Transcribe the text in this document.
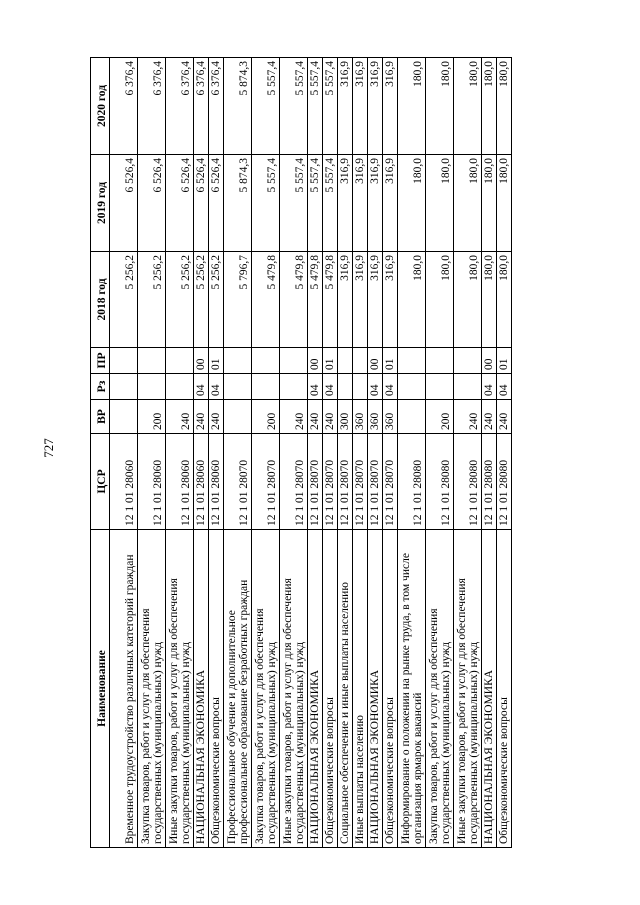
727
Наименование	ЦСР	ВР	Рз	ПР	2018 год	2019 год	2020 год
Временное трудоустройство различных категорий граждан	12 1 01 28060				5 256,2	6 526,4	6 376,4
Закупка товаров, работ и услуг для обеспечения государственных (муниципальных) нужд	12 1 01 28060	200			5 256,2	6 526,4	6 376,4
Иные закупки товаров, работ и услуг для обеспечения государственных (муниципальных) нужд	12 1 01 28060	240			5 256,2	6 526,4	6 376,4
НАЦИОНАЛЬНАЯ ЭКОНОМИКА	12 1 01 28060	240	04	00	5 256,2	6 526,4	6 376,4
Общеэкономические вопросы	12 1 01 28060	240	04	01	5 256,2	6 526,4	6 376,4
Профессиональное обучение и дополнительное профессиональное образование безработных граждан	12 1 01 28070				5 796,7	5 874,3	5 874,3
Закупка товаров, работ и услуг для обеспечения государственных (муниципальных) нужд	12 1 01 28070	200			5 479,8	5 557,4	5 557,4
Иные закупки товаров, работ и услуг для обеспечения государственных (муниципальных) нужд	12 1 01 28070	240			5 479,8	5 557,4	5 557,4
НАЦИОНАЛЬНАЯ ЭКОНОМИКА	12 1 01 28070	240	04	00	5 479,8	5 557,4	5 557,4
Общеэкономические вопросы	12 1 01 28070	240	04	01	5 479,8	5 557,4	5 557,4
Социальное обеспечение и иные выплаты населению	12 1 01 28070	300			316,9	316,9	316,9
Иные выплаты населению	12 1 01 28070	360			316,9	316,9	316,9
НАЦИОНАЛЬНАЯ ЭКОНОМИКА	12 1 01 28070	360	04	00	316,9	316,9	316,9
Общеэкономические вопросы	12 1 01 28070	360	04	01	316,9	316,9	316,9
Информирование о положении на рынке труда, в том числе организация ярмарок вакансий	12 1 01 28080				180,0	180,0	180,0
Закупка товаров, работ и услуг для обеспечения государственных (муниципальных) нужд	12 1 01 28080	200			180,0	180,0	180,0
Иные закупки товаров, работ и услуг для обеспечения государственных (муниципальных) нужд	12 1 01 28080	240			180,0	180,0	180,0
НАЦИОНАЛЬНАЯ ЭКОНОМИКА	12 1 01 28080	240	04	00	180,0	180,0	180,0
Общеэкономические вопросы	12 1 01 28080	240	04	01	180,0	180,0	180,0
